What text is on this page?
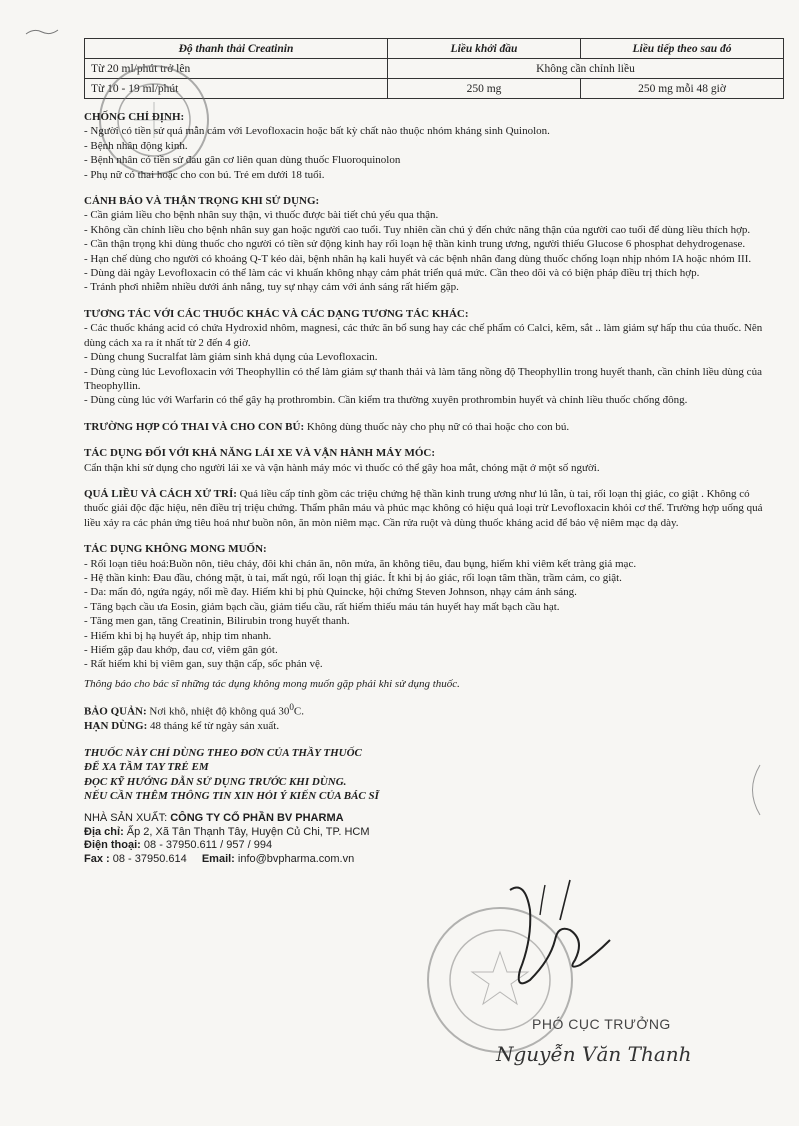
Độ thanh thải Creatinin	Liều khởi đầu	Liều tiếp theo sau đó
Từ 20 ml/phút trở lên	Không cần chỉnh liều	
Từ 10 - 19 ml/phút	250 mg	250 mg mỗi 48 giờ
CHỐNG CHỈ ĐỊNH:
- Người có tiền sử quá mẫn cảm với Levofloxacin hoặc bất kỳ chất nào thuộc nhóm kháng sinh Quinolon.
- Bệnh nhân động kinh.
- Bệnh nhân có tiền sử đau gân cơ liên quan dùng thuốc Fluoroquinolon
- Phụ nữ có thai hoặc cho con bú. Trẻ em dưới 18 tuổi.
CẢNH BÁO VÀ THẬN TRỌNG KHI SỬ DỤNG:
- Cần giảm liều cho bệnh nhân suy thận, vì thuốc được bài tiết chủ yếu qua thận.
- Không cần chỉnh liều cho bệnh nhân suy gan hoặc người cao tuổi. Tuy nhiên cần chú ý đến chức năng thận của người cao tuổi để dùng liều thích hợp.
- Cần thận trọng khi dùng thuốc cho người có tiền sử động kinh hay rối loạn hệ thần kinh trung ương, người thiếu Glucose 6 phosphat dehydrogenase.
- Hạn chế dùng cho người có khoảng Q-T kéo dài, bệnh nhân hạ kali huyết và các bệnh nhân đang dùng thuốc chống loạn nhịp nhóm IA hoặc nhóm III.
- Dùng dài ngày Levofloxacin có thể làm các vi khuẩn không nhạy cảm phát triển quá mức. Cần theo dõi và có biện pháp điều trị thích hợp.
- Tránh phơi nhiễm nhiều dưới ánh nắng, tuy sự nhạy cảm với ánh sáng rất hiếm gặp.
TƯƠNG TÁC VỚI CÁC THUỐC KHÁC VÀ CÁC DẠNG TƯƠNG TÁC KHÁC:
- Các thuốc kháng acid có chứa Hydroxid nhôm, magnesi, các thức ăn bổ sung hay các chế phẩm có Calci, kẽm, sắt .. làm giảm sự hấp thu của thuốc. Nên dùng cách xa ra ít nhất từ 2 đến 4 giờ.
- Dùng chung Sucralfat làm giảm sinh khả dụng của Levofloxacin.
- Dùng cùng lúc Levofloxacin với Theophyllin có thể làm giảm sự thanh thải và làm tăng nồng độ Theophyllin trong huyết thanh, cần chỉnh liều dùng của Theophyllin.
- Dùng cùng lúc với Warfarin có thể gây hạ prothrombin. Cần kiểm tra thường xuyên prothrombin huyết và chỉnh liều thuốc chống đông.
TRƯỜNG HỢP CÓ THAI VÀ CHO CON BÚ: Không dùng thuốc này cho phụ nữ có thai hoặc cho con bú.
TÁC DỤNG ĐỐI VỚI KHẢ NĂNG LÁI XE VÀ VẬN HÀNH MÁY MÓC:
Cẩn thận khi sử dụng cho người lái xe và vận hành máy móc vì thuốc có thể gây hoa mắt, chóng mặt ở một số người.
QUÁ LIỀU VÀ CÁCH XỬ TRÍ: Quá liều cấp tính gồm các triệu chứng hệ thần kinh trung ương như lú lẫn, ù tai, rối loạn thị giác, co giật . Không có thuốc giải độc đặc hiệu, nên điều trị triệu chứng. Thẩm phân máu và phúc mạc không có hiệu quả loại trừ Levofloxacin khỏi cơ thể. Trường hợp uống quá liều xảy ra các phản ứng tiêu hoá như buồn nôn, ăn mòn niêm mạc. Cần rửa ruột và dùng thuốc kháng acid để bảo vệ niêm mạc dạ dày.
TÁC DỤNG KHÔNG MONG MUỐN:
- Rối loạn tiêu hoá:Buồn nôn, tiêu chảy, đôi khi chán ăn, nôn mửa, ăn không tiêu, đau bụng, hiếm khi viêm kết tràng giả mạc.
- Hệ thần kinh: Đau đầu, chóng mặt, ù tai, mất ngủ, rối loạn thị giác. Ít khi bị ảo giác, rối loạn tâm thần, trầm cảm, co giật.
- Da: mẩn đỏ, ngứa ngáy, nổi mề đay. Hiếm khi bị phù Quincke, hội chứng Steven Johnson, nhạy cảm ánh sáng.
- Tăng bạch cầu ưa Eosin, giảm bạch cầu, giảm tiểu cầu, rất hiếm thiếu máu tán huyết hay mất bạch cầu hạt.
- Tăng men gan, tăng Creatinin, Bilirubin trong huyết thanh.
- Hiếm khi bị hạ huyết áp, nhịp tim nhanh.
- Hiếm gặp đau khớp, đau cơ, viêm gân gót.
- Rất hiếm khi bị viêm gan, suy thận cấp, sốc phản vệ.
Thông báo cho bác sĩ những tác dụng không mong muốn gặp phải khi sử dụng thuốc.
BẢO QUẢN: Nơi khô, nhiệt độ không quá $30^0C$.
HẠN DÙNG: 48 tháng kể từ ngày sản xuất.
THUỐC NÀY CHỈ DÙNG THEO ĐƠN CỦA THẦY THUỐC
ĐỂ XA TẦM TAY TRẺ EM
ĐỌC KỸ HƯỚNG DẪN SỬ DỤNG TRƯỚC KHI DÙNG.
NẾU CẦN THÊM THÔNG TIN XIN HỎI Ý KIẾN CỦA BÁC SĨ
NHÀ SẢN XUẤT: CÔNG TY CỔ PHẦN BV PHARMA
Địa chỉ: Ấp 2, Xã Tân Thạnh Tây, Huyện Củ Chi, TP. HCM
Điện thoại: 08 - 37950.611 / 957 / 994
Fax : 08 - 37950.614 Email: info@bvpharma.com.vn
PHÓ CỤC TRƯỞNG
Nguyễn Văn Thanh
